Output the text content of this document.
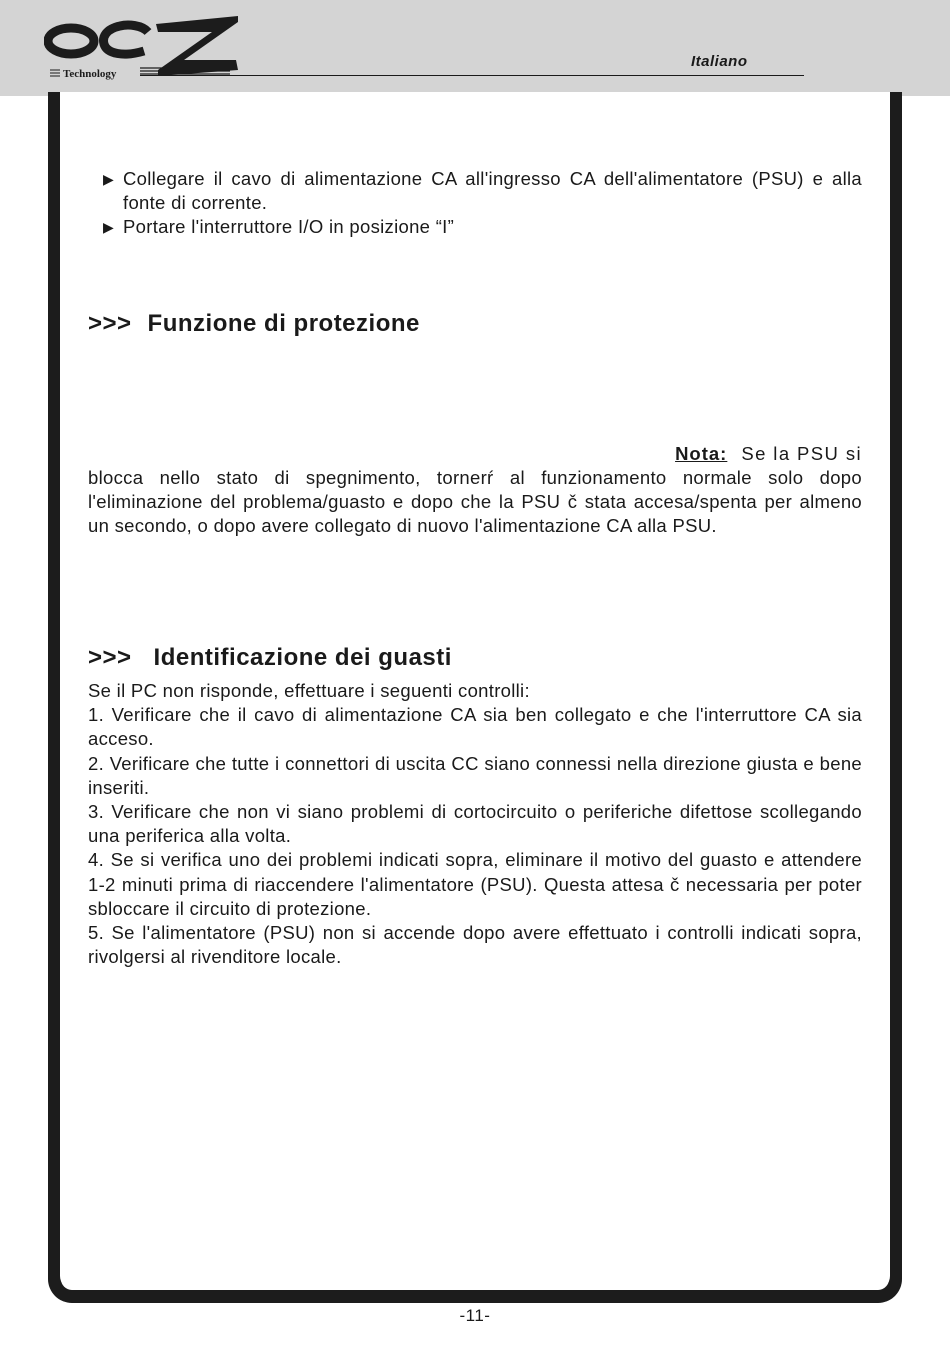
Technology
Italiano
▶ Collegare il cavo di alimentazione CA all'ingresso CA dell'alimentatore (PSU) e alla fonte di corrente.
▶ Portare l'interruttore I/O in posizione “I”
>>> Funzione di protezione
Nota: Se la PSU si
blocca nello stato di spegnimento, tornerŕ al funzionamento normale solo dopo l'eliminazione del problema/guasto e dopo che la PSU č stata accesa/spenta per almeno un secondo, o dopo avere collegato di nuovo l'alimentazione CA alla PSU.
>>> Identificazione dei guasti
Se il PC non risponde, effettuare i seguenti controlli:
1. Verificare che il cavo di alimentazione CA sia ben collegato e che l'interruttore CA sia acceso.
2. Verificare che tutte i connettori di uscita CC siano connessi nella direzione giusta e bene inseriti.
3. Verificare che non vi siano problemi di cortocircuito o periferiche difettose scollegando una periferica alla volta.
4. Se si verifica uno dei problemi indicati sopra, eliminare il motivo del guasto e attendere 1-2 minuti prima di riaccendere l'alimentatore (PSU). Questa attesa č necessaria per poter sbloccare il circuito di protezione.
5. Se l'alimentatore (PSU) non si accende dopo avere effettuato i controlli indicati sopra, rivolgersi al rivenditore locale.
-11-
